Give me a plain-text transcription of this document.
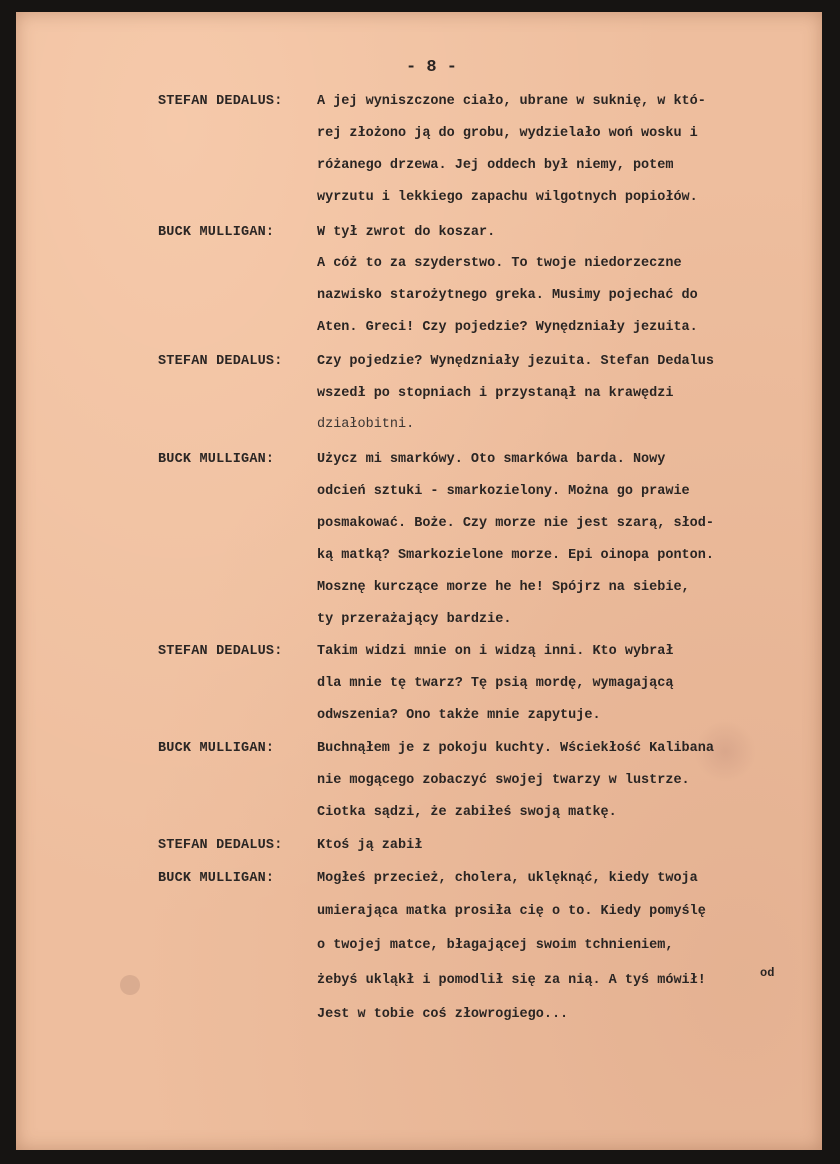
- 8 -
STEFAN DEDALUS:	A jej wyniszczone ciało, ubrane w suknię, w któ-
rej złożono ją do grobu, wydzielało woń wosku i
różanego drzewa. Jej oddech był niemy, potem
wyrzutu i lekkiego zapachu wilgotnych popiołów.
BUCK MULLIGAN:	W tył zwrot do koszar.
A cóż to za szyderstwo. To twoje niedorzeczne
nazwisko starożytnego greka. Musimy pojechać do
Aten. Greci! Czy pojedzie? Wynędzniały jezuita.
STEFAN DEDALUS:	Czy pojedzie? Wynędzniały jezuita. Stefan Dedalus
wszedł po stopniach i przystanął na krawędzi
działobitni.
BUCK MULLIGAN:	Użycz mi smarkówy. Oto smarkówa barda. Nowy
odcień sztuki - smarkozielony. Można go prawie
posmakować. Boże. Czy morze nie jest szarą, słod-
ką matką? Smarkozielone morze. Epi oinopa ponton.
Mosznę kurczące morze he he! Spójrz na siebie,
ty przerażający bardzie.
STEFAN DEDALUS:	Takim widzi mnie on i widzą inni. Kto wybrał
dla mnie tę twarz? Tę psią mordę, wymagającą
odwszenia? Ono także mnie zapytuje.
BUCK MULLIGAN:	Buchnąłem je z pokoju kuchty. Wściekłość Kalibana
nie mogącego zobaczyć swojej twarzy w lustrze.
Ciotka sądzi, że zabiłeś swoją matkę.
STEFAN DEDALUS:	Ktoś ją zabił
BUCK MULLIGAN:	Mogłeś przecież, cholera, uklęknąć, kiedy twoja
umierająca matka prosiła cię o to. Kiedy pomyślę
o twojej matce, błagającej swoim tchnieniem,
żebyś ukląkł i pomodlił się za nią. A tyś mówił!
Jest w tobie coś złowrogiego...
od
